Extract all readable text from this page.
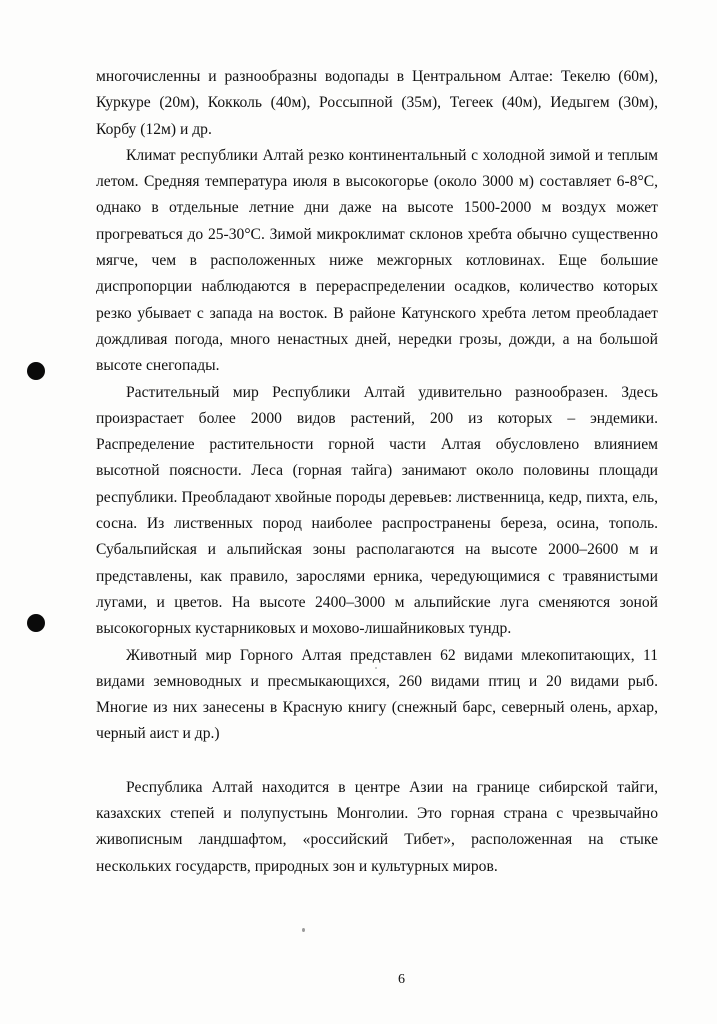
многочисленны и разнообразны водопады в Центральном Алтае: Текелю (60м), Куркуре (20м), Кокколь (40м), Россыпной (35м), Тегеек (40м), Иедыгем (30м), Корбу (12м) и др.

Климат республики Алтай резко континентальный с холодной зимой и теплым летом. Средняя температура июля в высокогорье (около 3000 м) составляет 6-8°С, однако в отдельные летние дни даже на высоте 1500-2000 м воздух может прогреваться до 25-30°С. Зимой микроклимат склонов хребта обычно существенно мягче, чем в расположенных ниже межгорных котловинах. Еще большие диспропорции наблюдаются в перераспределении осадков, количество которых резко убывает с запада на восток. В районе Катунского хребта летом преобладает дождливая погода, много ненастных дней, нередки грозы, дожди, а на большой высоте снегопады.

Растительный мир Республики Алтай удивительно разнообразен. Здесь произрастает более 2000 видов растений, 200 из которых – эндемики. Распределение растительности горной части Алтая обусловлено влиянием высотной поясности. Леса (горная тайга) занимают около половины площади республики. Преобладают хвойные породы деревьев: лиственница, кедр, пихта, ель, сосна. Из лиственных пород наиболее распространены береза, осина, тополь. Субальпийская и альпийская зоны располагаются на высоте 2000–2600 м и представлены, как правило, зарослями ерника, чередующимися с травянистыми лугами, и цветов. На высоте 2400–3000 м альпийские луга сменяются зоной высокогорных кустарниковых и мохово-лишайниковых тундр.

Животный мир Горного Алтая представлен 62 видами млекопитающих, 11 видами земноводных и пресмыкающихся, 260 видами птиц и 20 видами рыб. Многие из них занесены в Красную книгу (снежный барс, северный олень, архар, черный аист и др.)

Республика Алтай находится в центре Азии на границе сибирской тайги, казахских степей и полупустынь Монголии. Это горная страна с чрезвычайно живописным ландшафтом, «российский Тибет», расположенная на стыке нескольких государств, природных зон и культурных миров.

6
